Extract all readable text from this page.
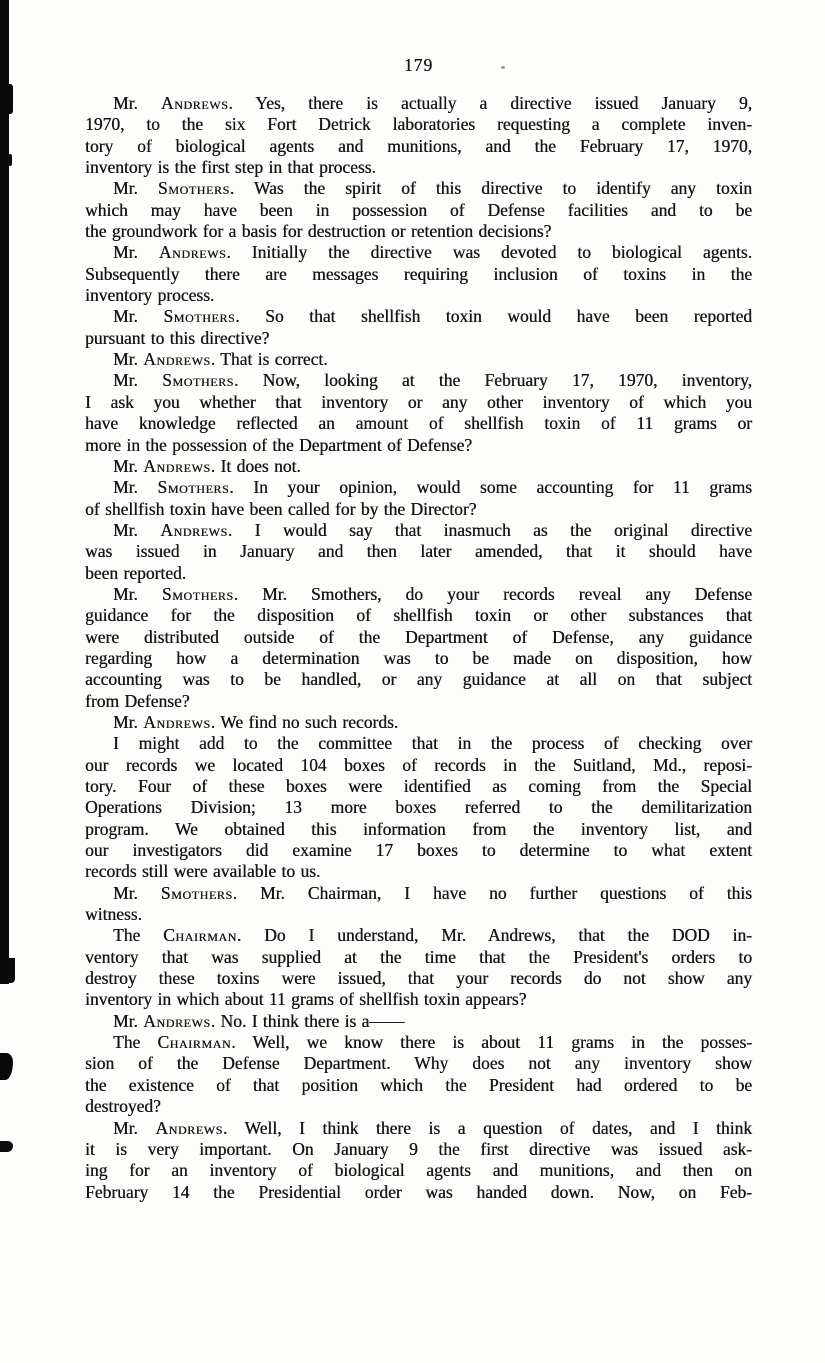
179
Mr. Andrews. Yes, there is actually a directive issued January 9,
1970, to the six Fort Detrick laboratories requesting a complete inven-
tory of biological agents and munitions, and the February 17, 1970,
inventory is the first step in that process.
Mr. Smothers. Was the spirit of this directive to identify any toxin
which may have been in possession of Defense facilities and to be
the groundwork for a basis for destruction or retention decisions?
Mr. Andrews. Initially the directive was devoted to biological agents.
Subsequently there are messages requiring inclusion of toxins in the
inventory process.
Mr. Smothers. So that shellfish toxin would have been reported
pursuant to this directive?
Mr. Andrews. That is correct.
Mr. Smothers. Now, looking at the February 17, 1970, inventory,
I ask you whether that inventory or any other inventory of which you
have knowledge reflected an amount of shellfish toxin of 11 grams or
more in the possession of the Department of Defense?
Mr. Andrews. It does not.
Mr. Smothers. In your opinion, would some accounting for 11 grams
of shellfish toxin have been called for by the Director?
Mr. Andrews. I would say that inasmuch as the original directive
was issued in January and then later amended, that it should have
been reported.
Mr. Smothers. Mr. Smothers, do your records reveal any Defense
guidance for the disposition of shellfish toxin or other substances that
were distributed outside of the Department of Defense, any guidance
regarding how a determination was to be made on disposition, how
accounting was to be handled, or any guidance at all on that subject
from Defense?
Mr. Andrews. We find no such records.
I might add to the committee that in the process of checking over
our records we located 104 boxes of records in the Suitland, Md., reposi-
tory. Four of these boxes were identified as coming from the Special
Operations Division; 13 more boxes referred to the demilitarization
program. We obtained this information from the inventory list, and
our investigators did examine 17 boxes to determine to what extent
records still were available to us.
Mr. Smothers. Mr. Chairman, I have no further questions of this
witness.
The Chairman. Do I understand, Mr. Andrews, that the DOD in-
ventory that was supplied at the time that the President's orders to
destroy these toxins were issued, that your records do not show any
inventory in which about 11 grams of shellfish toxin appears?
Mr. Andrews. No. I think there is a——
The Chairman. Well, we know there is about 11 grams in the posses-
sion of the Defense Department. Why does not any inventory show
the existence of that position which the President had ordered to be
destroyed?
Mr. Andrews. Well, I think there is a question of dates, and I think
it is very important. On January 9 the first directive was issued ask-
ing for an inventory of biological agents and munitions, and then on
February 14 the Presidential order was handed down. Now, on Feb-
